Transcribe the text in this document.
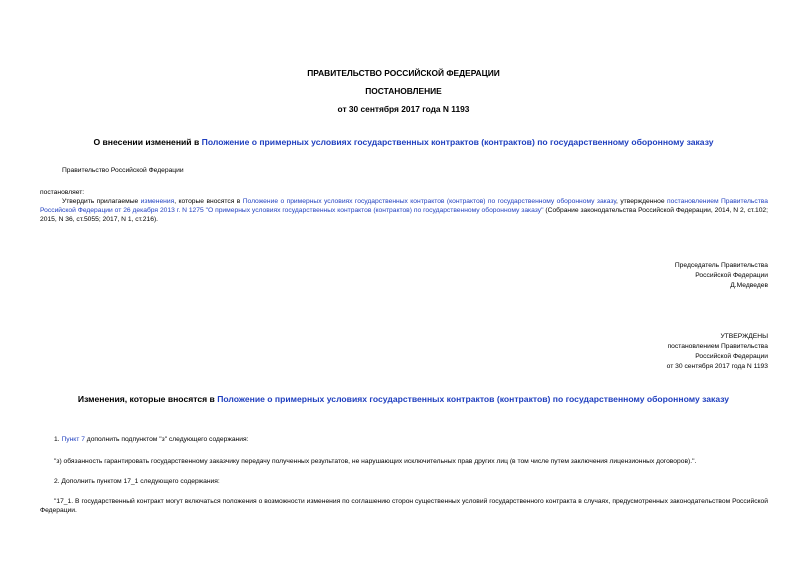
ПРАВИТЕЛЬСТВО РОССИЙСКОЙ ФЕДЕРАЦИИ
ПОСТАНОВЛЕНИЕ
от 30 сентября 2017 года N 1193
О внесении изменений в Положение о примерных условиях государственных контрактов (контрактов) по государственному оборонному заказу
Правительство Российской Федерации
постановляет:
Утвердить прилагаемые изменения, которые вносятся в Положение о примерных условиях государственных контрактов (контрактов) по государственному оборонному заказу, утвержденное постановлением Правительства Российской Федерации от 26 декабря 2013 г. N 1275 "О примерных условиях государственных контрактов (контрактов) по государственному оборонному заказу" (Собрание законодательства Российской Федерации, 2014, N 2, ст.102; 2015, N 36, ст.5055; 2017, N 1, ст.216).
Председатель Правительства
Российской Федерации
Д.Медведев
УТВЕРЖДЕНЫ
постановлением Правительства
Российской Федерации
от 30 сентября 2017 года N 1193
Изменения, которые вносятся в Положение о примерных условиях государственных контрактов (контрактов) по государственному оборонному заказу
1. Пункт 7 дополнить подпунктом "з" следующего содержания:
"з) обязанность гарантировать государственному заказчику передачу полученных результатов, не нарушающих исключительных прав других лиц (в том числе путем заключения лицензионных договоров).".
2. Дополнить пунктом 17_1 следующего содержания:
"17_1. В государственный контракт могут включаться положения о возможности изменения по соглашению сторон существенных условий государственного контракта в случаях, предусмотренных законодательством Российской Федерации.
